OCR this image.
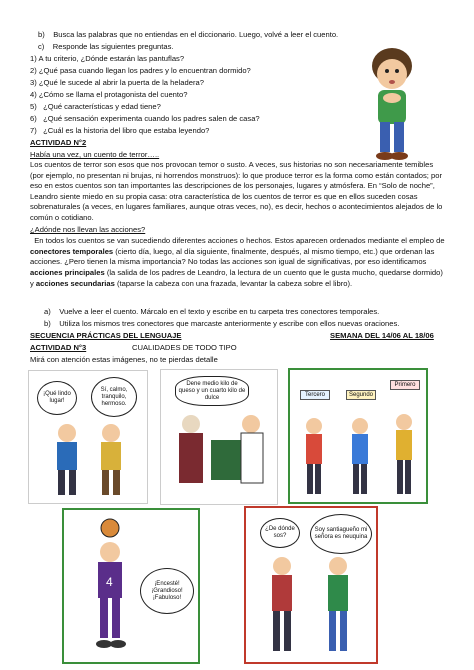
b)    Busca las palabras que no entiendas en el diccionario. Luego, volvé a leer el cuento.
c)    Responde las siguientes preguntas.
1) A tu criterio, ¿Dónde estarán las pantuflas?
2) ¿Qué pasa cuando llegan los padres y lo encuentran dormido?
3) ¿Qué le sucede al abrir la puerta de la heladera?
4) ¿Cómo se llama el protagonista del cuento?
5)   ¿Qué características y edad tiene?
6)   ¿Qué sensación experimenta cuando los padres salen de casa?
7)   ¿Cuál es la historia del libro que estaba leyendo?
ACTIVIDAD N°2
Había una vez, un cuento de terror…..
Los cuentos de terror son esos que nos provocan temor o susto. A veces, sus historias no son necesariamente temibles (por ejemplo, no presentan ni brujas, ni horrendos monstruos): lo que produce terror es la forma como están contados; por eso en estos cuentos son tan importantes las descripciones de los personajes, lugares y atmósfera. En “Solo de noche”, Leandro siente miedo en su propia casa: otra característica de los cuentos de terror es que en ellos suceden cosas sobrenaturales (a veces, en lugares familiares, aunque otras veces, no), es decir, hechos o acontecimientos alejados de lo común o cotidiano.
¿Adónde nos llevan las acciones?
En todos los cuentos se van sucediendo diferentes acciones o hechos. Estos aparecen ordenados mediante el empleo de conectores temporales (cierto día, luego, al día siguiente, finalmente, después, al mismo tiempo, etc.) que ordenan las acciones. ¿Pero tienen la misma importancia? No todas las acciones son igual de significativas, por eso identificamos acciones principales (la salida de los padres de Leandro, la lectura de un cuento que le gusta mucho, quedarse dormido) y acciones secundarias (taparse la cabeza con una frazada, levantar la cabeza sobre el libro).
a)    Vuelve a leer el cuento. Márcalo en el texto y escribe en tu carpeta tres conectores temporales.
b)    Utiliza los mismos tres conectores que marcaste anteriormente y escribe con ellos nuevas oraciones.
SECUENCIA PRÁCTICAS DEL LENGUAJE	SEMANA DEL 14/06 AL 18/06
ACTIVIDAD N°3	CUALIDADES DE TODO TIPO
Mirá con atención estas imágenes, no te pierdas detalle
¡Qué lindo lugar!
Sí, calmo, tranquilo, hermoso.
Dene medio kilo de queso y un cuarto kilo de dulce	Tercero	Segundo
Primero
¡Encesté! ¡Grandioso! ¡Fabuloso!
4
¿De dónde sos?
Soy santiagueño mi señora es neuquina
